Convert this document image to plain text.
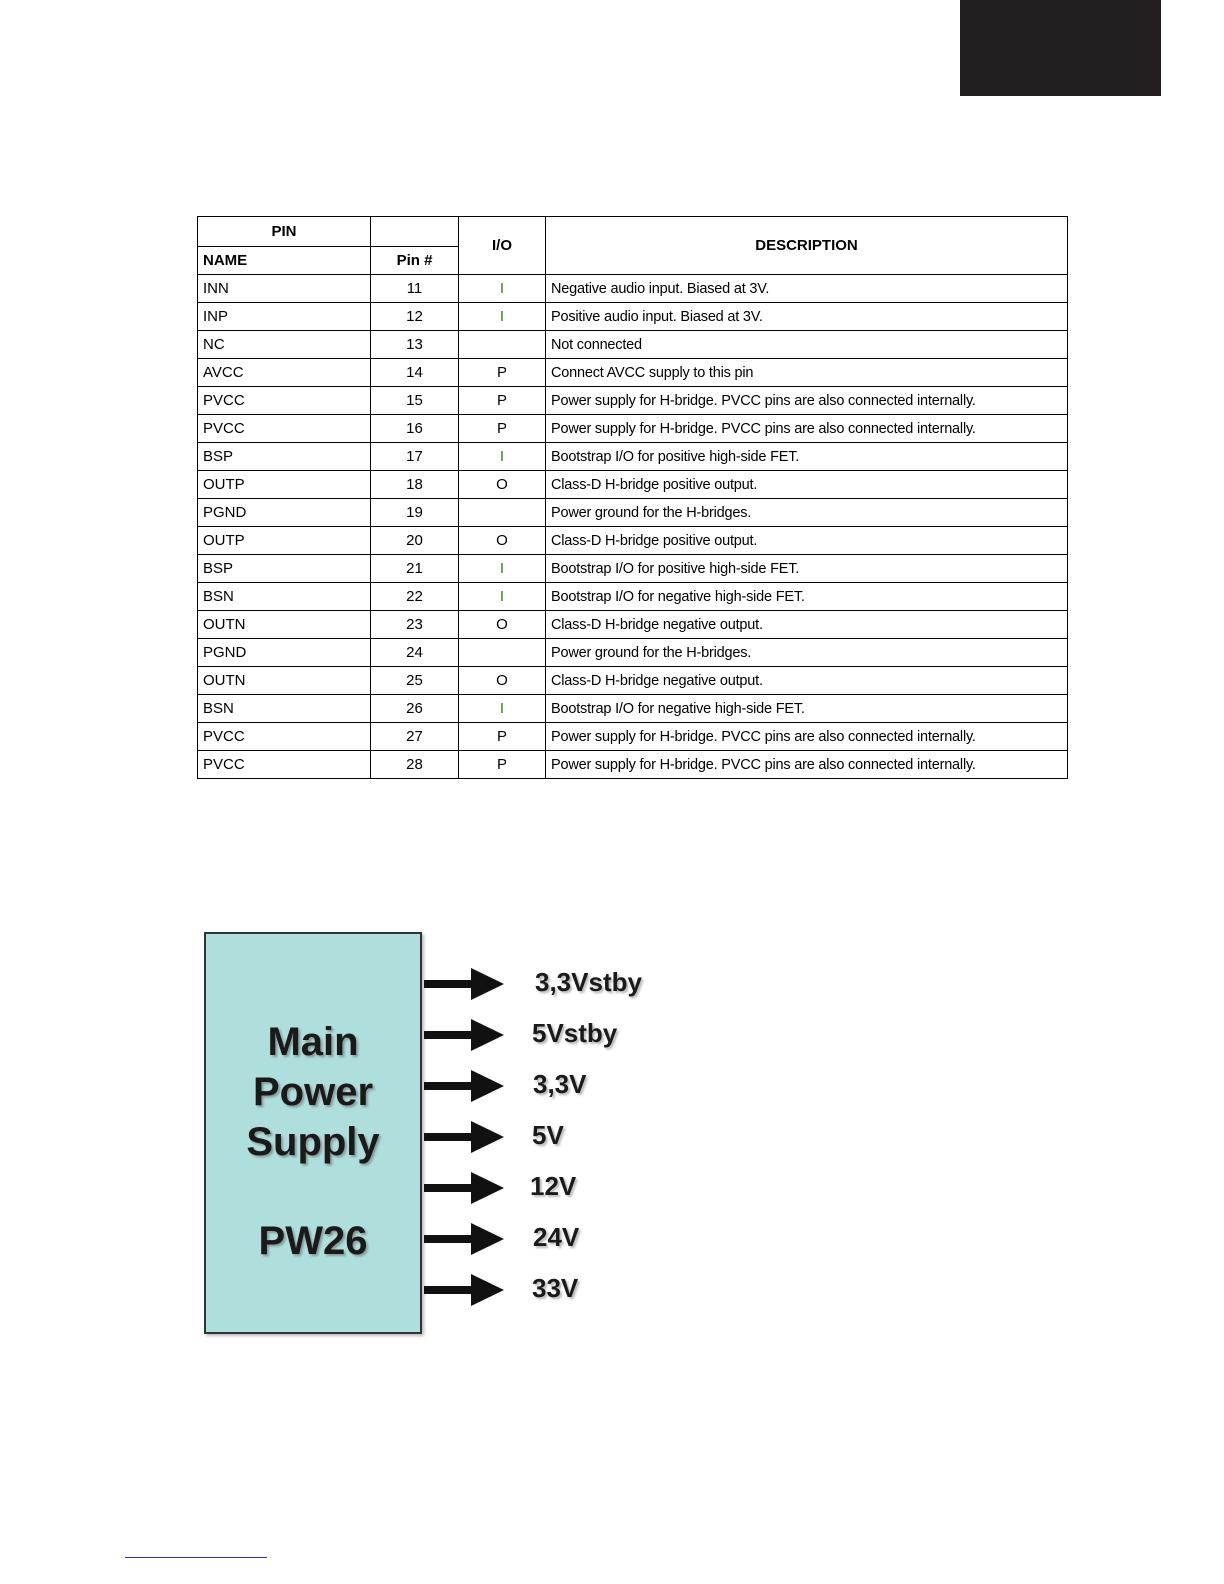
PIN		I/O	DESCRIPTION
NAME	Pin #		
INN	11	I	Negative audio input. Biased at 3V.
INP	12	I	Positive audio input. Biased at 3V.
NC	13		Not connected
AVCC	14	P	Connect AVCC supply to this pin
PVCC	15	P	Power supply for H-bridge. PVCC pins are also connected internally.
PVCC	16	P	Power supply for H-bridge. PVCC pins are also connected internally.
BSP	17	I	Bootstrap I/O for positive high-side FET.
OUTP	18	O	Class-D H-bridge positive output.
PGND	19		Power ground for the H-bridges.
OUTP	20	O	Class-D H-bridge positive output.
BSP	21	I	Bootstrap I/O for positive high-side FET.
BSN	22	I	Bootstrap I/O for negative high-side FET.
OUTN	23	O	Class-D H-bridge negative output.
PGND	24		Power ground for the H-bridges.
OUTN	25	O	Class-D H-bridge negative output.
BSN	26	I	Bootstrap I/O for negative high-side FET.
PVCC	27	P	Power supply for H-bridge. PVCC pins are also connected internally.
PVCC	28	P	Power supply for H-bridge. PVCC pins are also connected internally.
Main
Power
Supply
PW26
3,3Vstby
5Vstby
3,3V
5V
12V
24V
33V
